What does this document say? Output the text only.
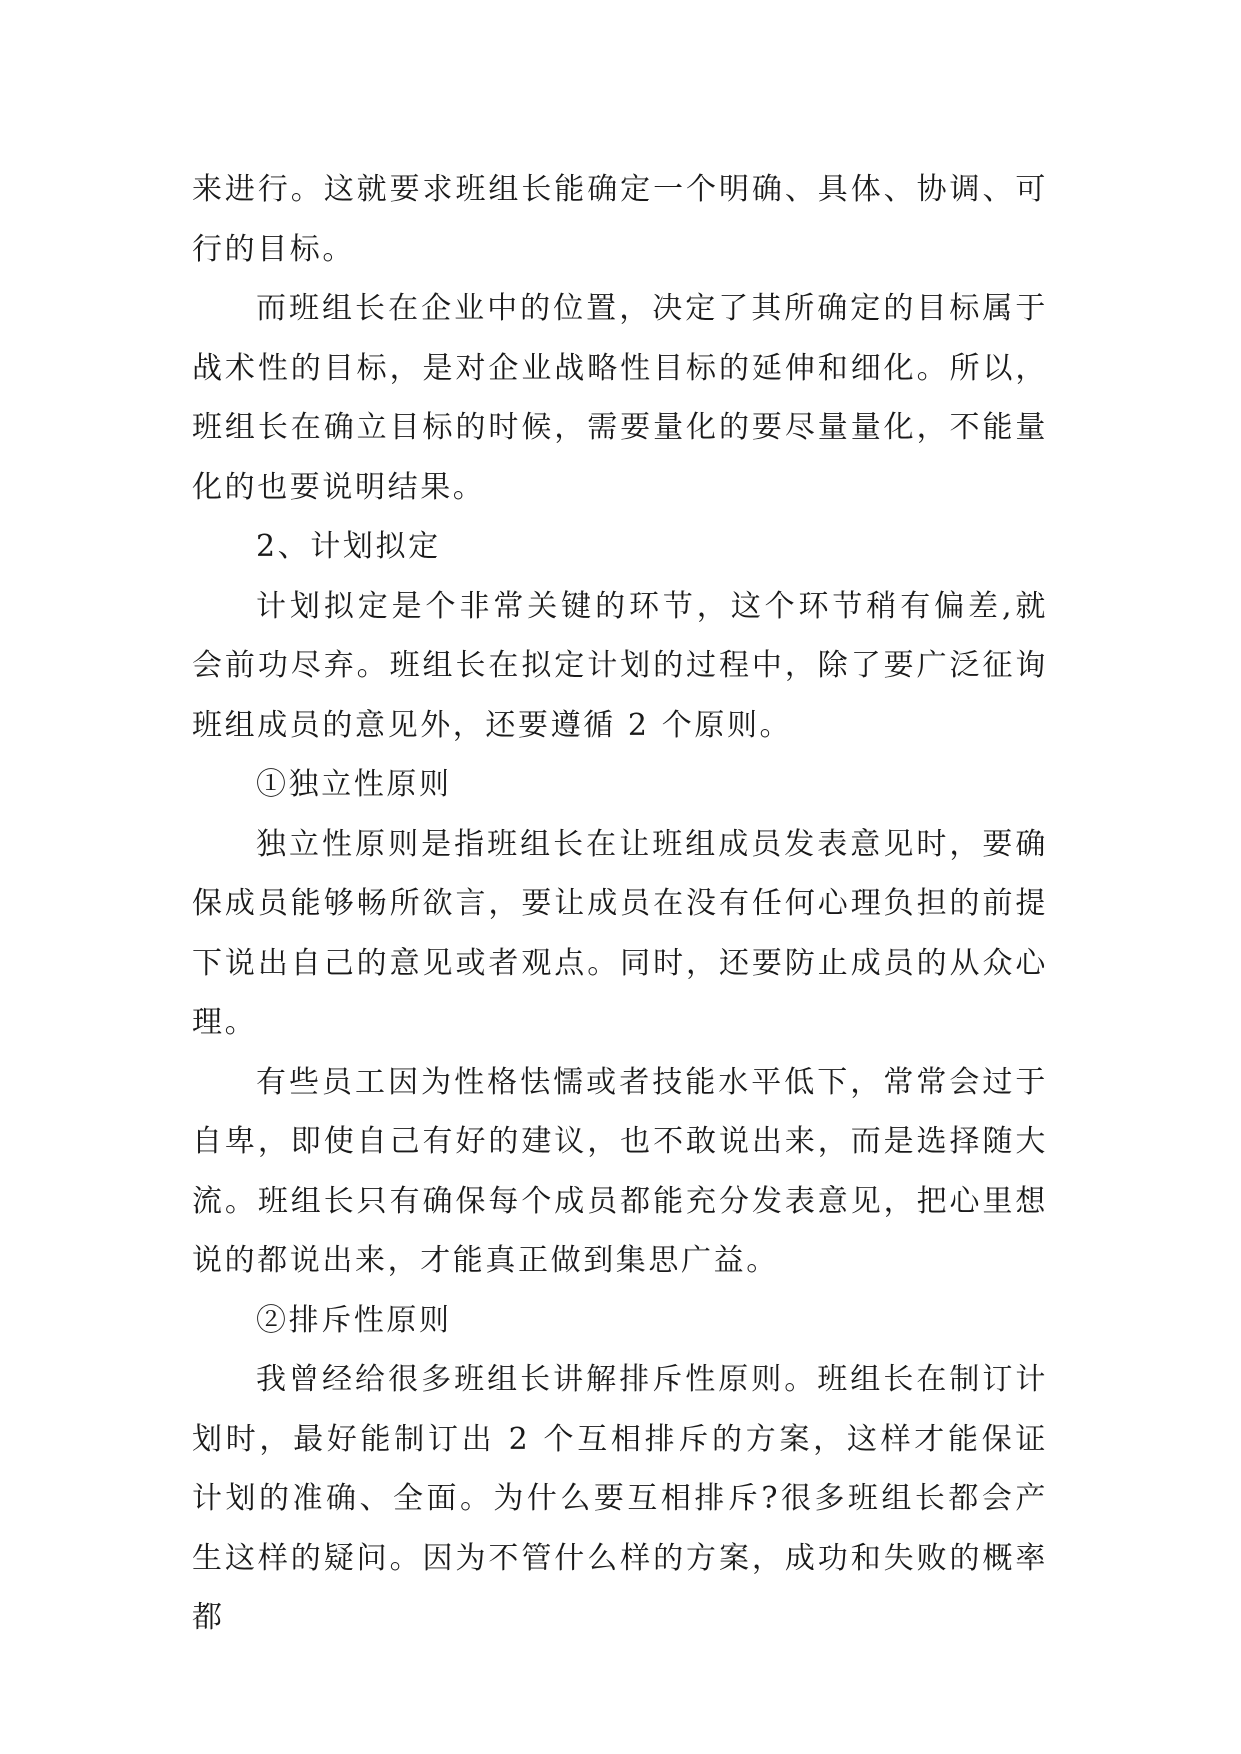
来进行。这就要求班组长能确定一个明确、具体、协调、可行的目标。

而班组长在企业中的位置，决定了其所确定的目标属于战术性的目标，是对企业战略性目标的延伸和细化。所以，班组长在确立目标的时候，需要量化的要尽量量化，不能量化的也要说明结果。

2、计划拟定

计划拟定是个非常关键的环节，这个环节稍有偏差,就会前功尽弃。班组长在拟定计划的过程中，除了要广泛征询班组成员的意见外，还要遵循 2 个原则。

①独立性原则

独立性原则是指班组长在让班组成员发表意见时，要确保成员能够畅所欲言，要让成员在没有任何心理负担的前提下说出自己的意见或者观点。同时，还要防止成员的从众心理。

有些员工因为性格怯懦或者技能水平低下，常常会过于自卑，即使自己有好的建议，也不敢说出来，而是选择随大流。班组长只有确保每个成员都能充分发表意见，把心里想说的都说出来，才能真正做到集思广益。

②排斥性原则

我曾经给很多班组长讲解排斥性原则。班组长在制订计划时，最好能制订出 2 个互相排斥的方案，这样才能保证计划的准确、全面。为什么要互相排斥?很多班组长都会产生这样的疑问。因为不管什么样的方案，成功和失败的概率都
